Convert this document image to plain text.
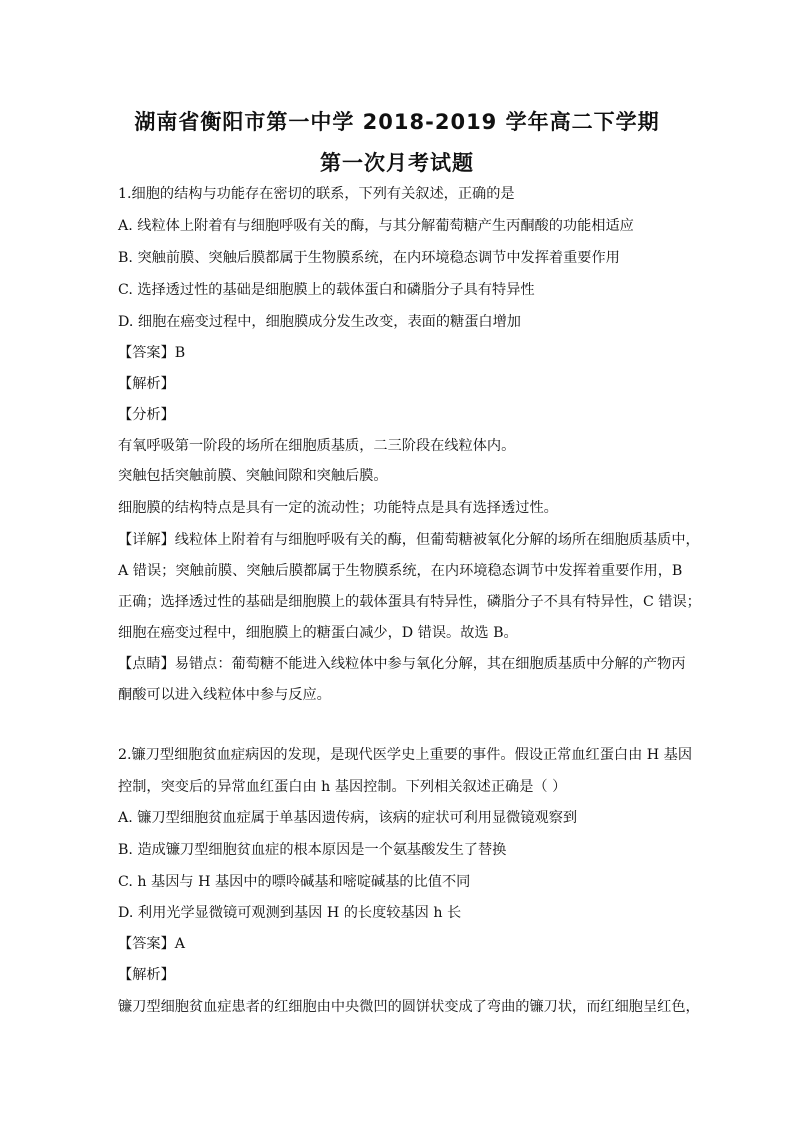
湖南省衡阳市第一中学 2018-2019 学年高二下学期
第一次月考试题
1.细胞的结构与功能存在密切的联系，下列有关叙述，正确的是
A. 线粒体上附着有与细胞呼吸有关的酶，与其分解葡萄糖产生丙酮酸的功能相适应
B. 突触前膜、突触后膜都属于生物膜系统，在内环境稳态调节中发挥着重要作用
C. 选择透过性的基础是细胞膜上的载体蛋白和磷脂分子具有特异性
D. 细胞在癌变过程中，细胞膜成分发生改变，表面的糖蛋白增加
【答案】B
【解析】
【分析】
有氧呼吸第一阶段的场所在细胞质基质，二三阶段在线粒体内。
突触包括突触前膜、突触间隙和突触后膜。
细胞膜的结构特点是具有一定的流动性；功能特点是具有选择透过性。
【详解】线粒体上附着有与细胞呼吸有关的酶，但葡萄糖被氧化分解的场所在细胞质基质中，
A 错误；突触前膜、突触后膜都属于生物膜系统，在内环境稳态调节中发挥着重要作用，B
正确；选择透过性的基础是细胞膜上的载体蛋具有特异性，磷脂分子不具有特异性，C 错误；
细胞在癌变过程中，细胞膜上的糖蛋白减少，D 错误。故选 B。
【点睛】易错点：葡萄糖不能进入线粒体中参与氧化分解，其在细胞质基质中分解的产物丙
酮酸可以进入线粒体中参与反应。
2.镰刀型细胞贫血症病因的发现，是现代医学史上重要的事件。假设正常血红蛋白由 H 基因
控制，突变后的异常血红蛋白由 h 基因控制。下列相关叙述正确是（ ）
A. 镰刀型细胞贫血症属于单基因遗传病，该病的症状可利用显微镜观察到
B. 造成镰刀型细胞贫血症的根本原因是一个氨基酸发生了替换
C. h 基因与 H 基因中的嘌呤碱基和嘧啶碱基的比值不同
D. 利用光学显微镜可观测到基因 H 的长度较基因 h 长
【答案】A
【解析】
镰刀型细胞贫血症患者的红细胞由中央微凹的圆饼状变成了弯曲的镰刀状，而红细胞呈红色，
